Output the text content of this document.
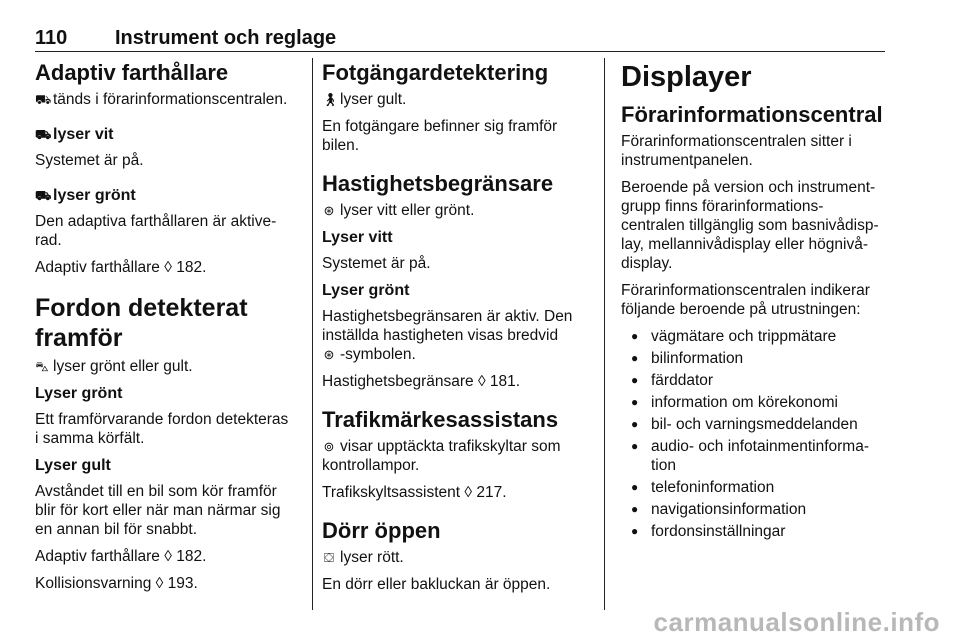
110 Instrument och reglage
Adaptiv farthållare

⛟ tänds i förarinformationscentralen.

⛟ lyser vit

Systemet är på.

⛟ lyser grönt

Den adaptiva farthållaren är aktive-
rad.

Adaptiv farthållare ◊ 182.

Fordon detekterat framför

⛍ lyser grönt eller gult.

Lyser grönt

Ett framförvarande fordon detekteras
i samma körfält.

Lyser gult

Avståndet till en bil som kör framför
blir för kort eller när man närmar sig
en annan bil för snabbt.

Adaptiv farthållare ◊ 182.

Kollisionsvarning ◊ 193.

Fotgängardetektering

🚶︎lyser gult.

En fotgängare befinner sig framför
bilen.

Hastighetsbegränsare

⊛ lyser vitt eller grönt.

Lyser vitt

Systemet är på.

Lyser grönt

Hastighetsbegränsaren är aktiv. Den
inställda hastigheten visas bredvid
⊛ -symbolen.

Hastighetsbegränsare ◊ 181.

Trafikmärkesassistans

⊚ visar upptäckta trafikskyltar som
kontrollampor.

Trafikskyltsassistent ◊ 217.

Dörr öppen

⛋ lyser rött.

En dörr eller bakluckan är öppen.

Displayer
Förarinformationscentral

Förarinformationscentralen sitter i
instrumentpanelen.

Beroende på version och instrument-
grupp finns förarinformations-
centralen tillgänglig som basnivådisp-
lay, mellannivådisplay eller högnivå-
display.

Förarinformationscentralen indikerar
följande beroende på utrustningen:

● vägmätare och trippmätare
● bilinformation
● färddator
● information om körekonomi
● bil- och varningsmeddelanden
● audio- och infotainmentinforma-
tion
● telefoninformation
● navigationsinformation
● fordonsinställningar
carmanualsonline.info
